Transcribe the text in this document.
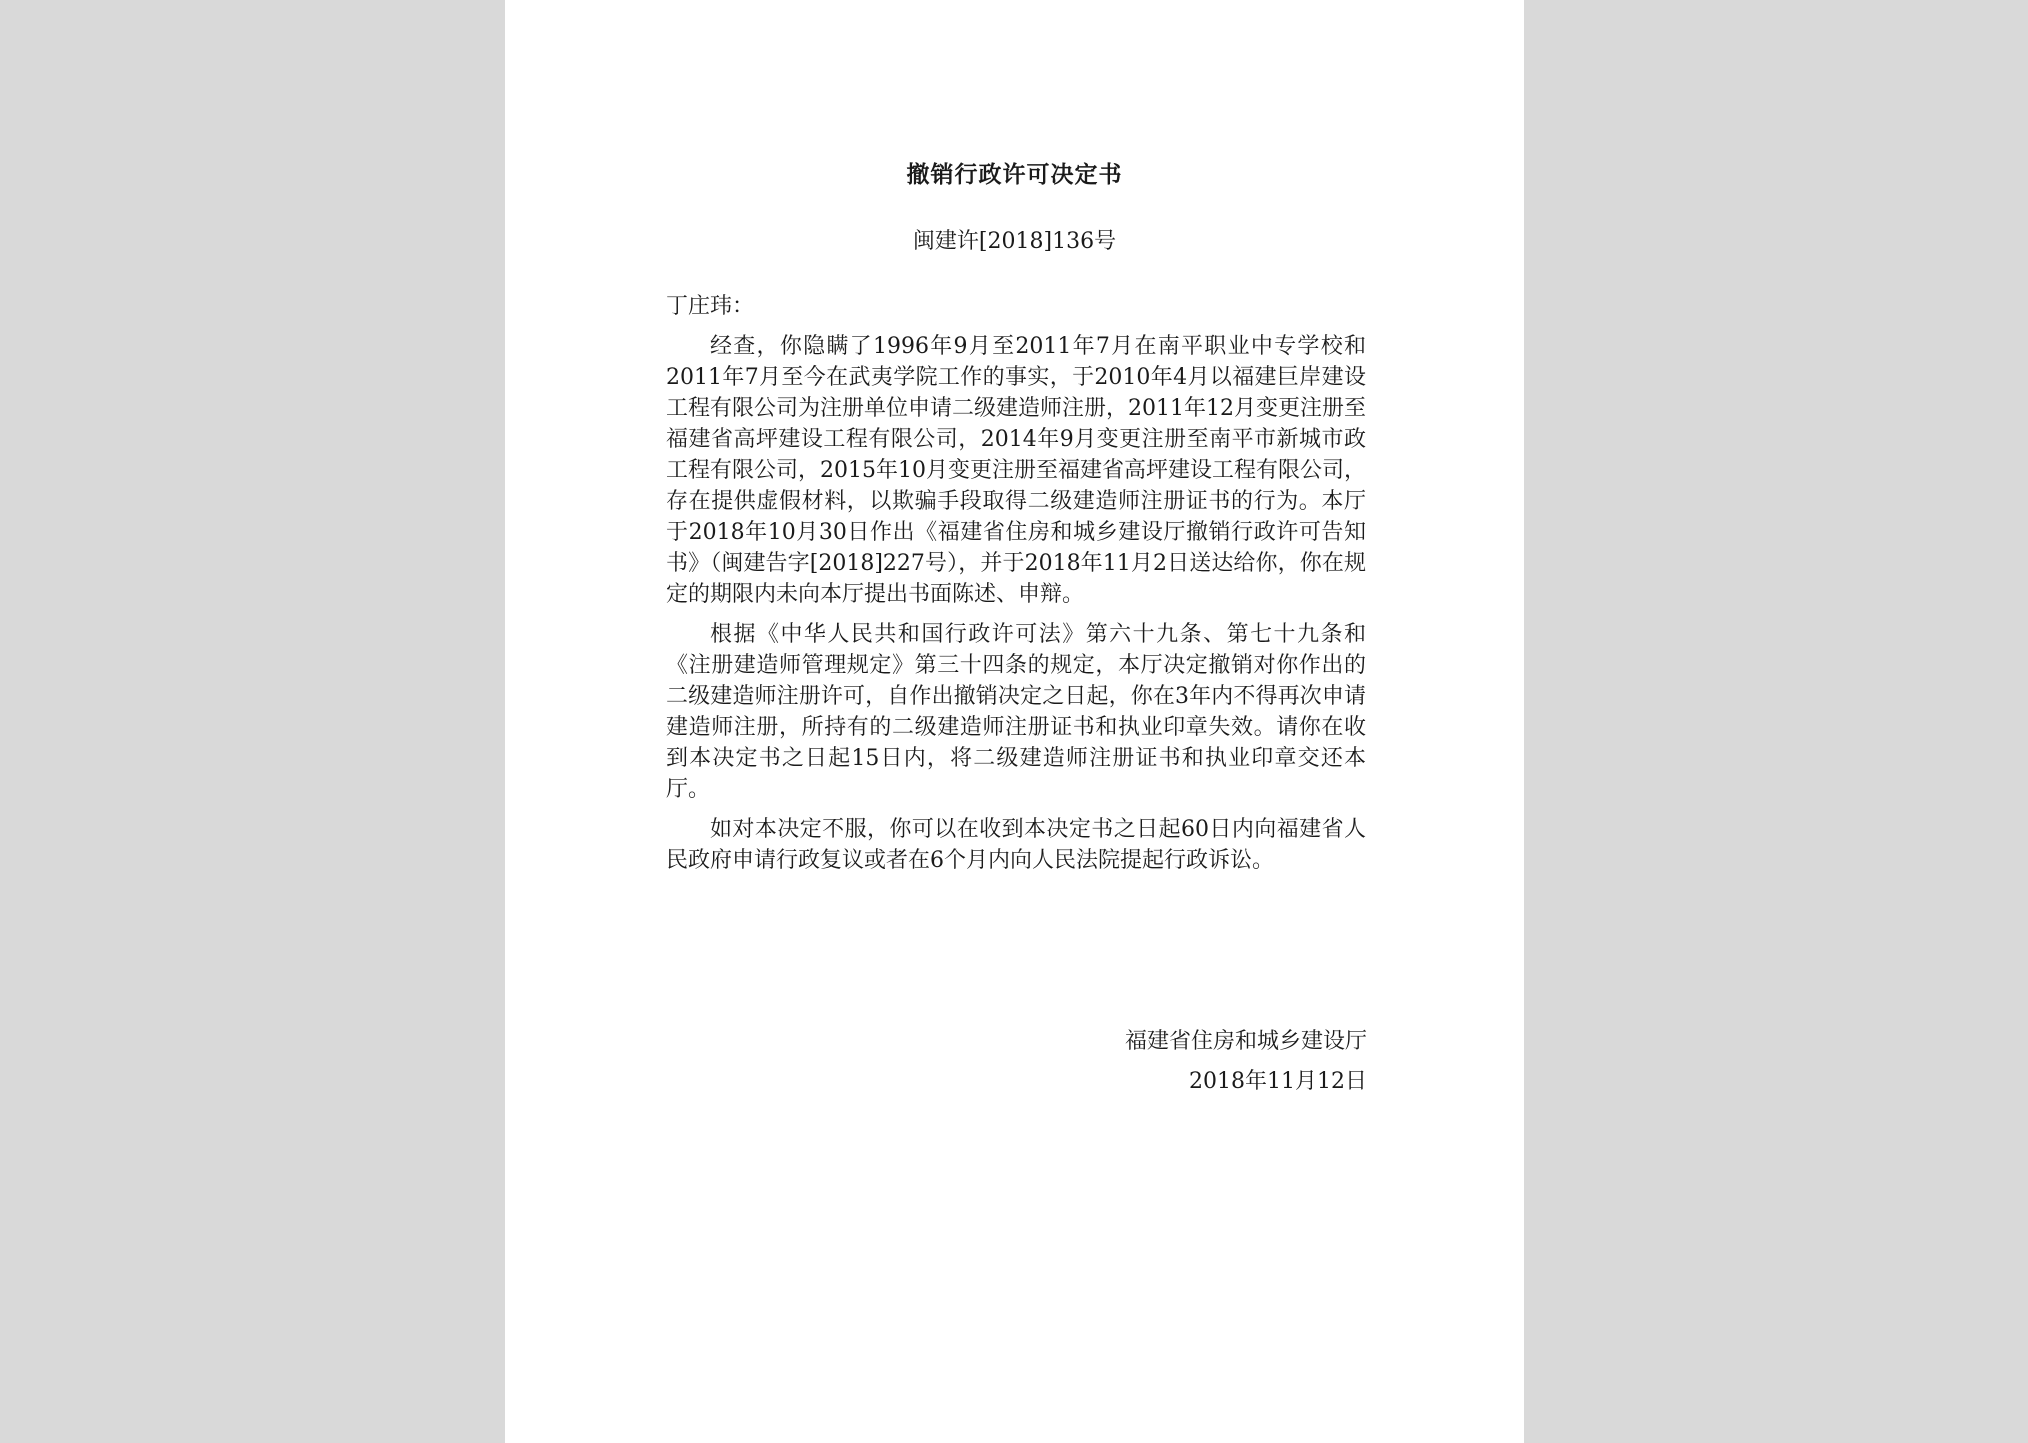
撤销行政许可决定书
闽建许[2018]136号

丁庄玮：

经查，你隐瞒了1996年9月至2011年7月在南平职业中专学校和2011年7月至今在武夷学院工作的事实，于2010年4月以福建巨岸建设工程有限公司为注册单位申请二级建造师注册，2011年12月变更注册至福建省高坪建设工程有限公司，2014年9月变更注册至南平市新城市政工程有限公司，2015年10月变更注册至福建省高坪建设工程有限公司，存在提供虚假材料，以欺骗手段取得二级建造师注册证书的行为。本厅于2018年10月30日作出《福建省住房和城乡建设厅撤销行政许可告知书》（闽建告字[2018]227号），并于2018年11月2日送达给你，你在规定的期限内未向本厅提出书面陈述、申辩。

根据《中华人民共和国行政许可法》第六十九条、第七十九条和《注册建造师管理规定》第三十四条的规定，本厅决定撤销对你作出的二级建造师注册许可，自作出撤销决定之日起，你在3年内不得再次申请建造师注册，所持有的二级建造师注册证书和执业印章失效。请你在收到本决定书之日起15日内，将二级建造师注册证书和执业印章交还本厅。

如对本决定不服，你可以在收到本决定书之日起60日内向福建省人民政府申请行政复议或者在6个月内向人民法院提起行政诉讼。

福建省住房和城乡建设厅
2018年11月12日
